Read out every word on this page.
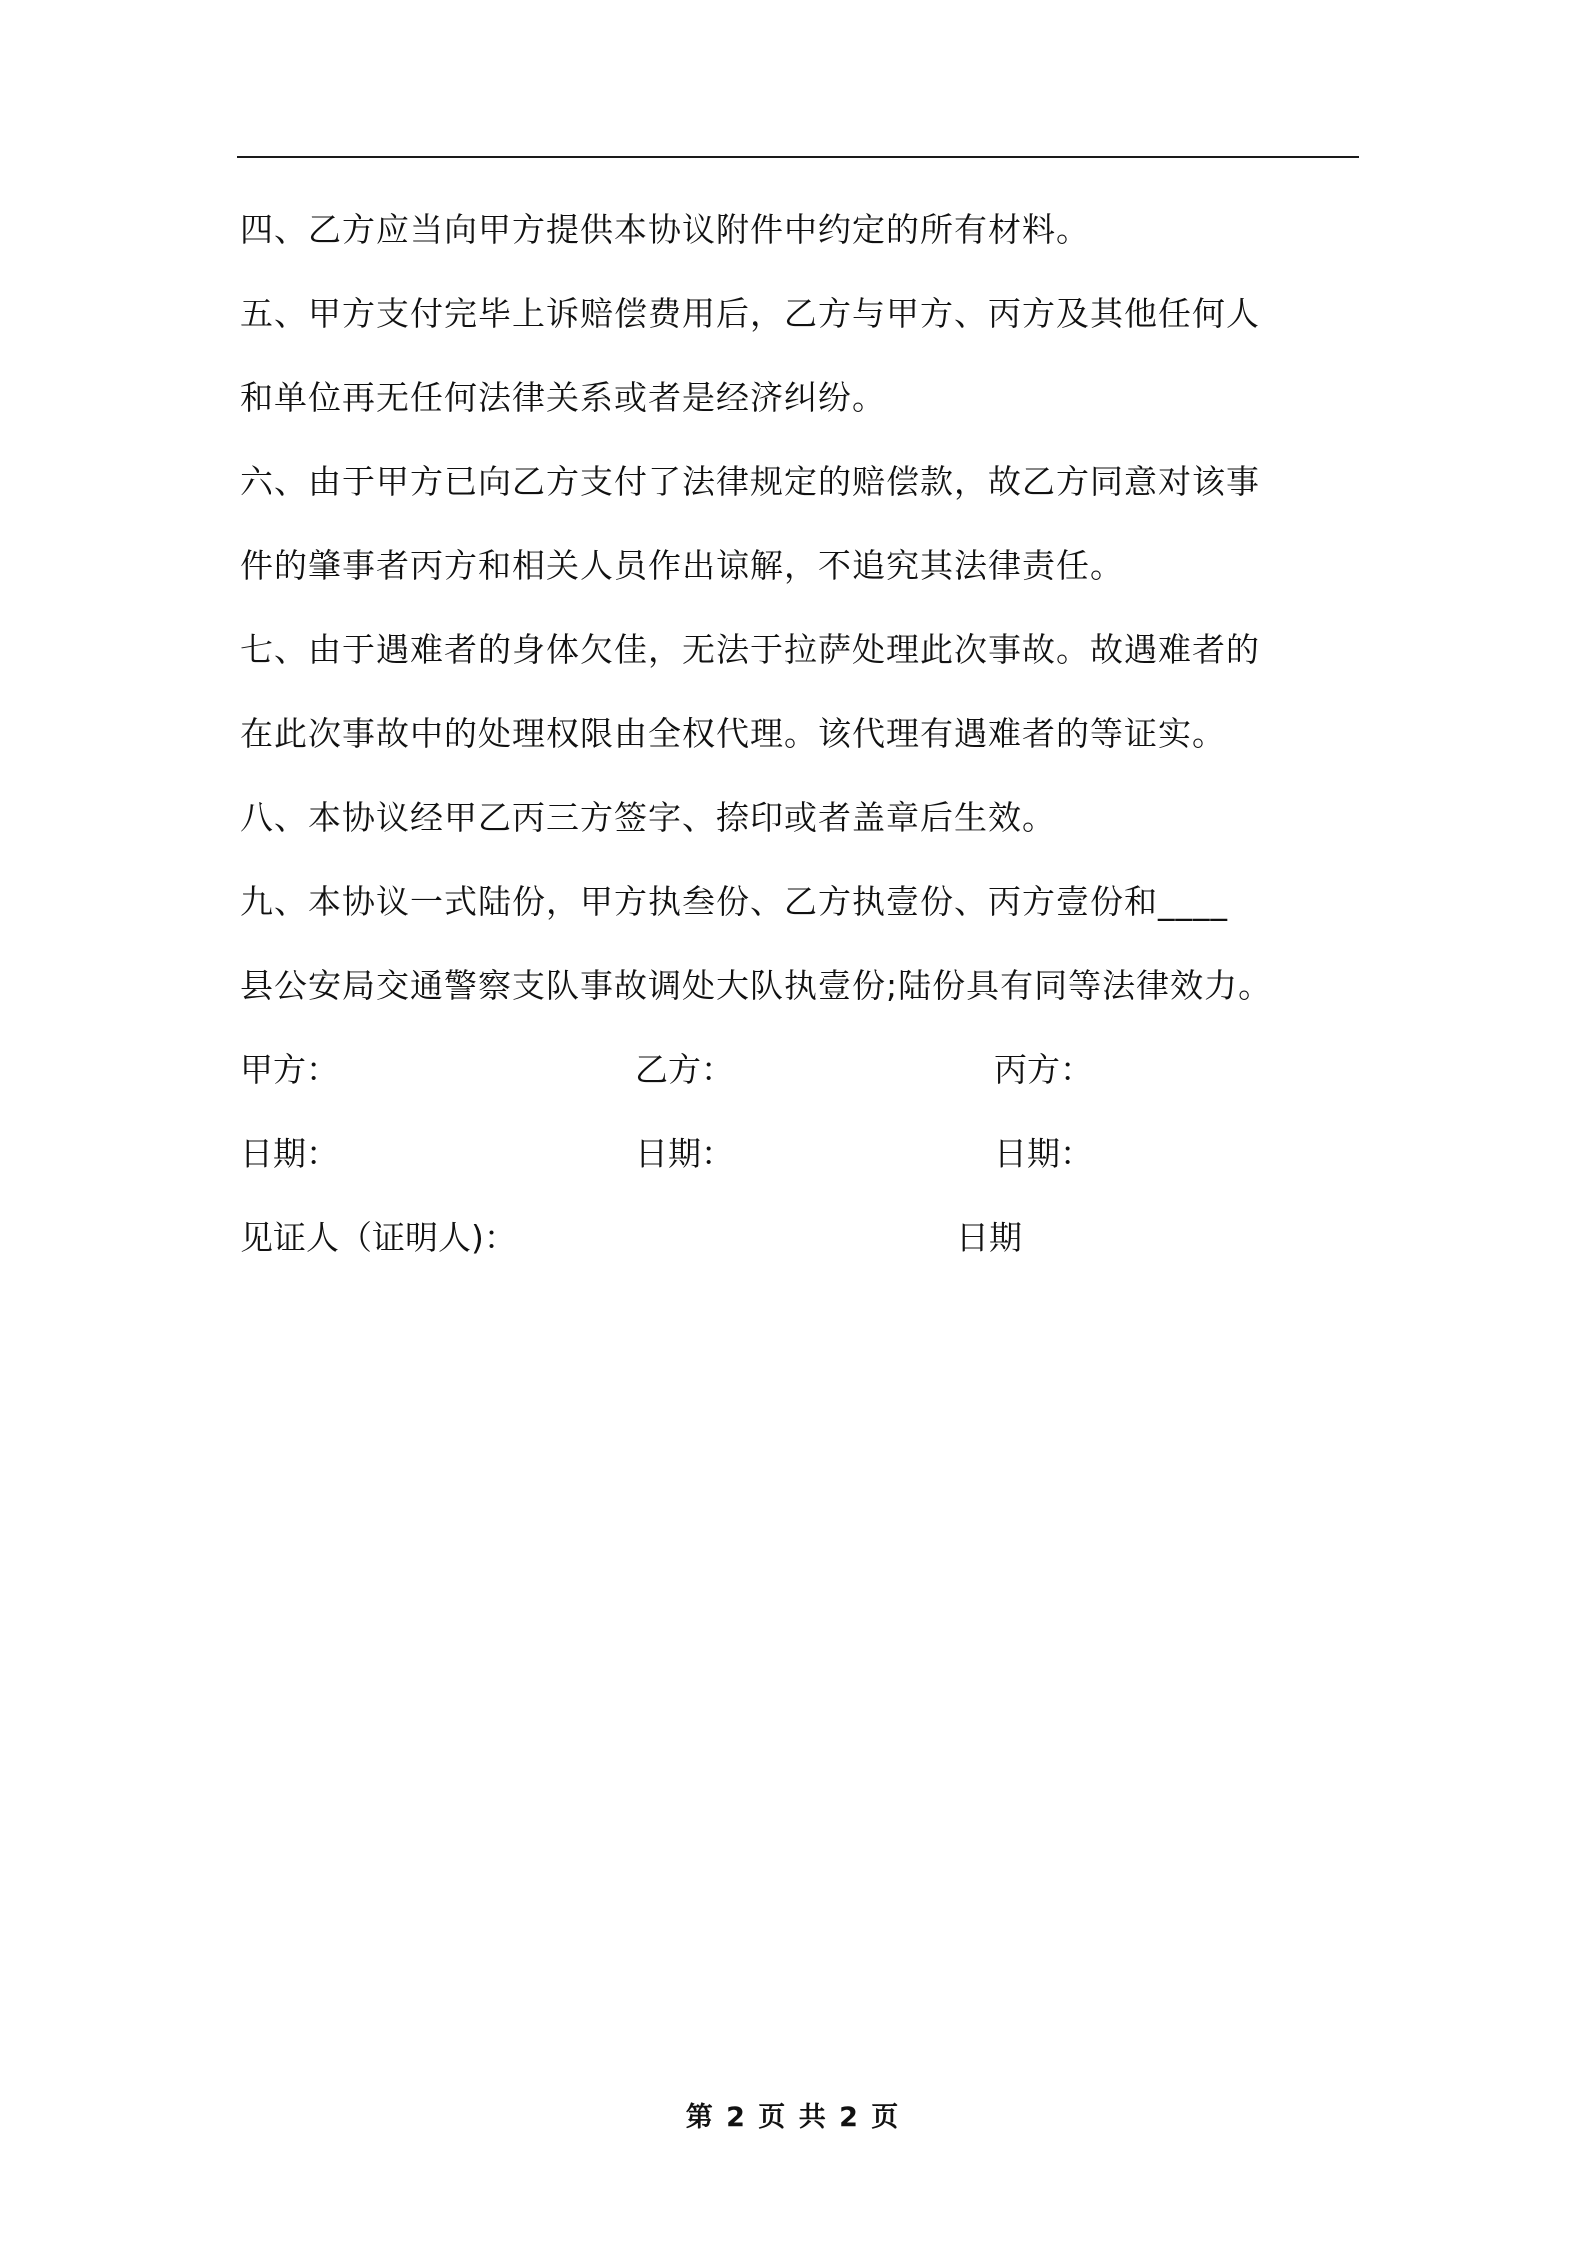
四、乙方应当向甲方提供本协议附件中约定的所有材料。

五、甲方支付完毕上诉赔偿费用后，乙方与甲方、丙方及其他任何人
和单位再无任何法律关系或者是经济纠纷。

六、由于甲方已向乙方支付了法律规定的赔偿款，故乙方同意对该事
件的肇事者丙方和相关人员作出谅解，不追究其法律责任。

七、由于遇难者的身体欠佳，无法于拉萨处理此次事故。故遇难者的
在此次事故中的处理权限由全权代理。该代理有遇难者的等证实。

八、本协议经甲乙丙三方签字、捺印或者盖章后生效。

九、本协议一式陆份，甲方执叁份、乙方执壹份、丙方壹份和____
县公安局交通警察支队事故调处大队执壹份;陆份具有同等法律效力。

甲方：	乙方：	丙方：
日期：	日期：	日期：
见证人（证明人)：	日期
第 2 页 共 2 页
